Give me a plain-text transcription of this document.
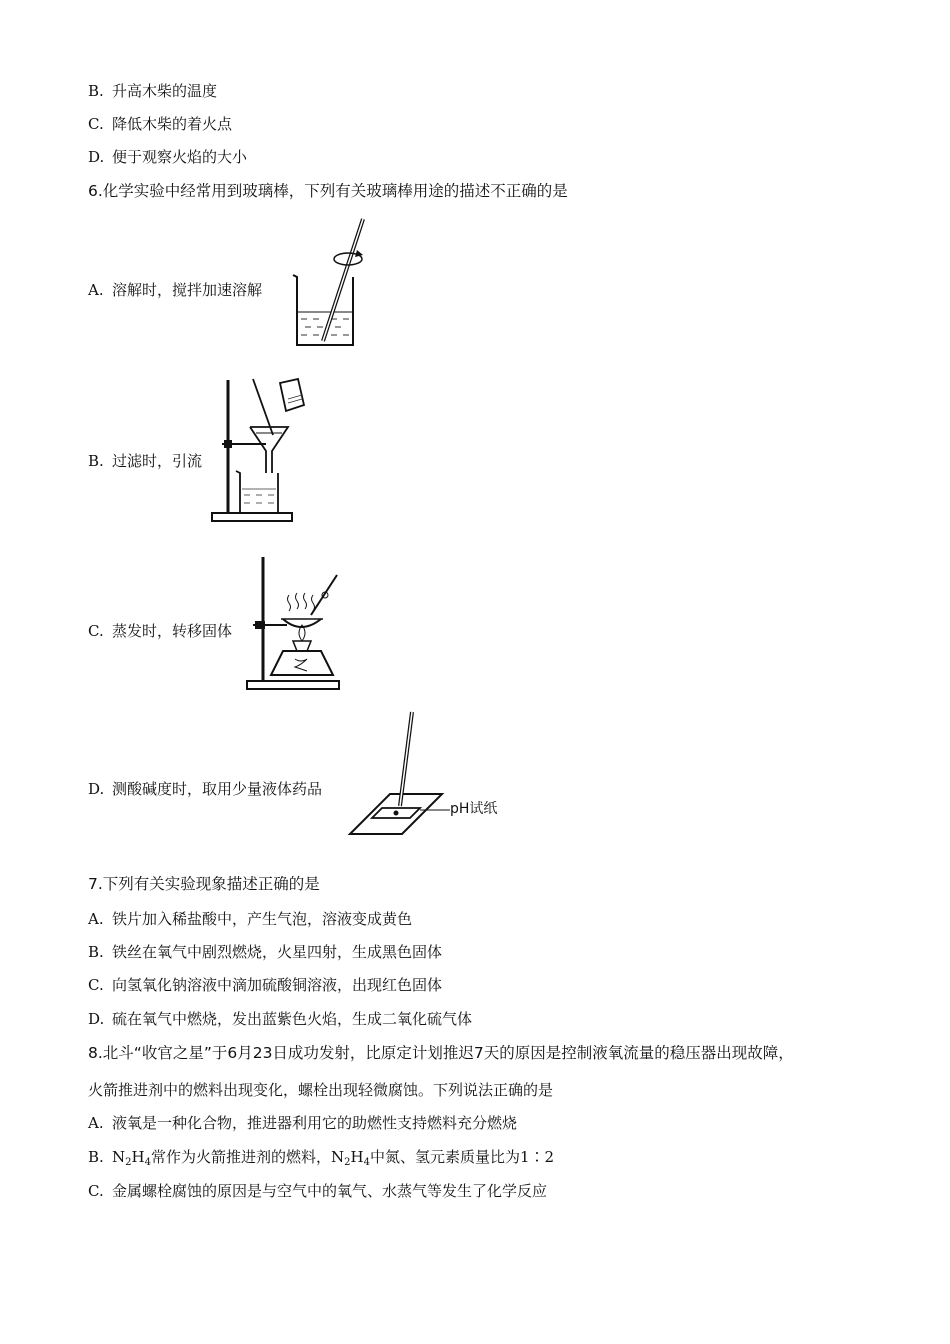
B. 升高木柴的温度
C. 降低木柴的着火点
D. 便于观察火焰的大小
6.化学实验中经常用到玻璃棒，下列有关玻璃棒用途的描述不正确的是
A. 溶解时，搅拌加速溶解
B. 过滤时，引流
C. 蒸发时，转移固体
D. 测酸碱度时，取用少量液体药品
pH试纸
7.下列有关实验现象描述正确的是
A. 铁片加入稀盐酸中，产生气泡，溶液变成黄色
B. 铁丝在氧气中剧烈燃烧，火星四射，生成黑色固体
C. 向氢氧化钠溶液中滴加硫酸铜溶液，出现红色固体
D. 硫在氧气中燃烧，发出蓝紫色火焰，生成二氧化硫气体
8.北斗“收官之星”于6月23日成功发射，比原定计划推迟7天的原因是控制液氧流量的稳压器出现故障，
火箭推进剂中的燃料出现变化，螺栓出现轻微腐蚀。下列说法正确的是
A. 液氧是一种化合物，推进器利用它的助燃性支持燃料充分燃烧
B. $N_2H_4$常作为火箭推进剂的燃料，$N_2H_4$中氮、氢元素质量比为1∶2
C. 金属螺栓腐蚀的原因是与空气中的氧气、水蒸气等发生了化学反应
